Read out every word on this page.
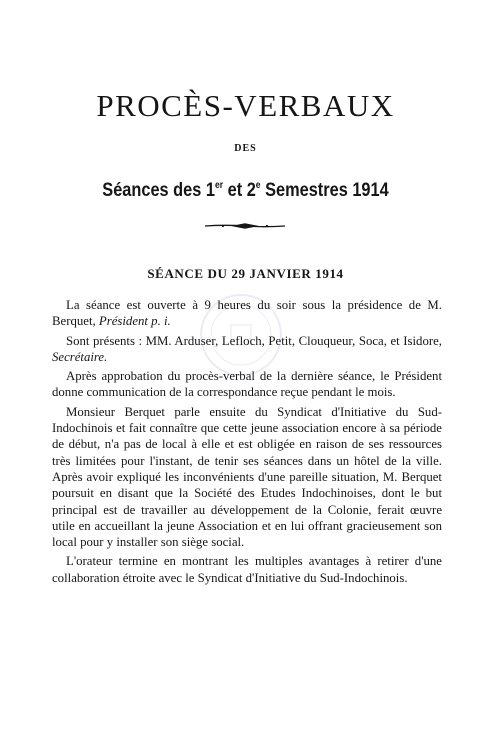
PROCÈS-VERBAUX
DES
Séances des 1er et 2e Semestres 1914
SÉANCE DU 29 JANVIER 1914

La séance est ouverte à 9 heures du soir sous la présidence de M. Berquet, Président p. i.

Sont présents : MM. Arduser, Lefloch, Petit, Clouqueur, Soca, et Isidore, Secrétaire.

Après approbation du procès-verbal de la dernière séance, le Président donne communication de la correspondance reçue pendant le mois.

Monsieur Berquet parle ensuite du Syndicat d'Initiative du Sud-Indochinois et fait connaître que cette jeune association encore à sa période de début, n'a pas de local à elle et est obligée en raison de ses ressources très limitées pour l'instant, de tenir ses séances dans un hôtel de la ville. Après avoir expliqué les inconvénients d'une pareille situation, M. Berquet poursuit en disant que la Société des Etudes Indochinoises, dont le but principal est de travailler au développement de la Colonie, ferait œuvre utile en accueillant la jeune Association et en lui offrant gracieusement son local pour y installer son siège social.

L'orateur termine en montrant les multiples avantages à retirer d'une collaboration étroite avec le Syndicat d'Initiative du Sud-Indochinois.
